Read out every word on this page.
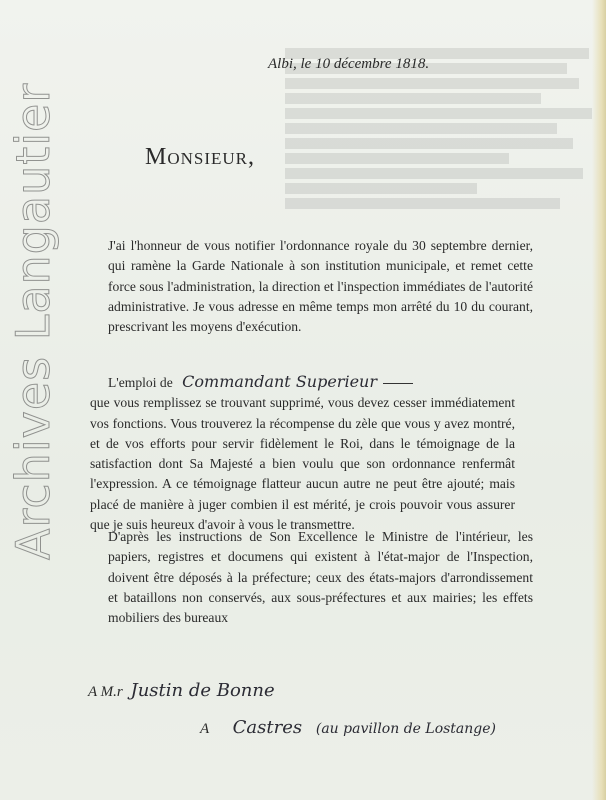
Albi, le 10 décembre 1818.
Monsieur,

J'ai l'honneur de vous notifier l'ordonnance royale du 30 septembre dernier, qui ramène la Garde Nationale à son institution municipale, et remet cette force sous l'administration, la direction et l'inspection immédiates de l'autorité administrative. Je vous adresse en même temps mon arrêté du 10 du courant, prescrivant les moyens d'exécution.

L'emploi de Commandant Superieur
que vous remplissez se trouvant supprimé, vous devez cesser immédiatement vos fonctions. Vous trouverez la récompense du zèle que vous y avez montré, et de vos efforts pour servir fidèlement le Roi, dans le témoignage de la satisfaction dont Sa Majesté a bien voulu que son ordonnance renfermât l'expression. A ce témoignage flatteur aucun autre ne peut être ajouté; mais placé de manière à juger combien il est mérité, je crois pouvoir vous assurer que je suis heureux d'avoir à vous le transmettre.

D'après les instructions de Son Excellence le Ministre de l'intérieur, les papiers, registres et documens qui existent à l'état-major de l'Inspection, doivent être déposés à la préfecture; ceux des états-majors d'arrondissement et bataillons non conservés, aux sous-préfectures et aux mairies; les effets mobiliers des bureaux

Archives Langautier
A M.r Justin de Bonne
A Castres (au pavillon de Lostange)
